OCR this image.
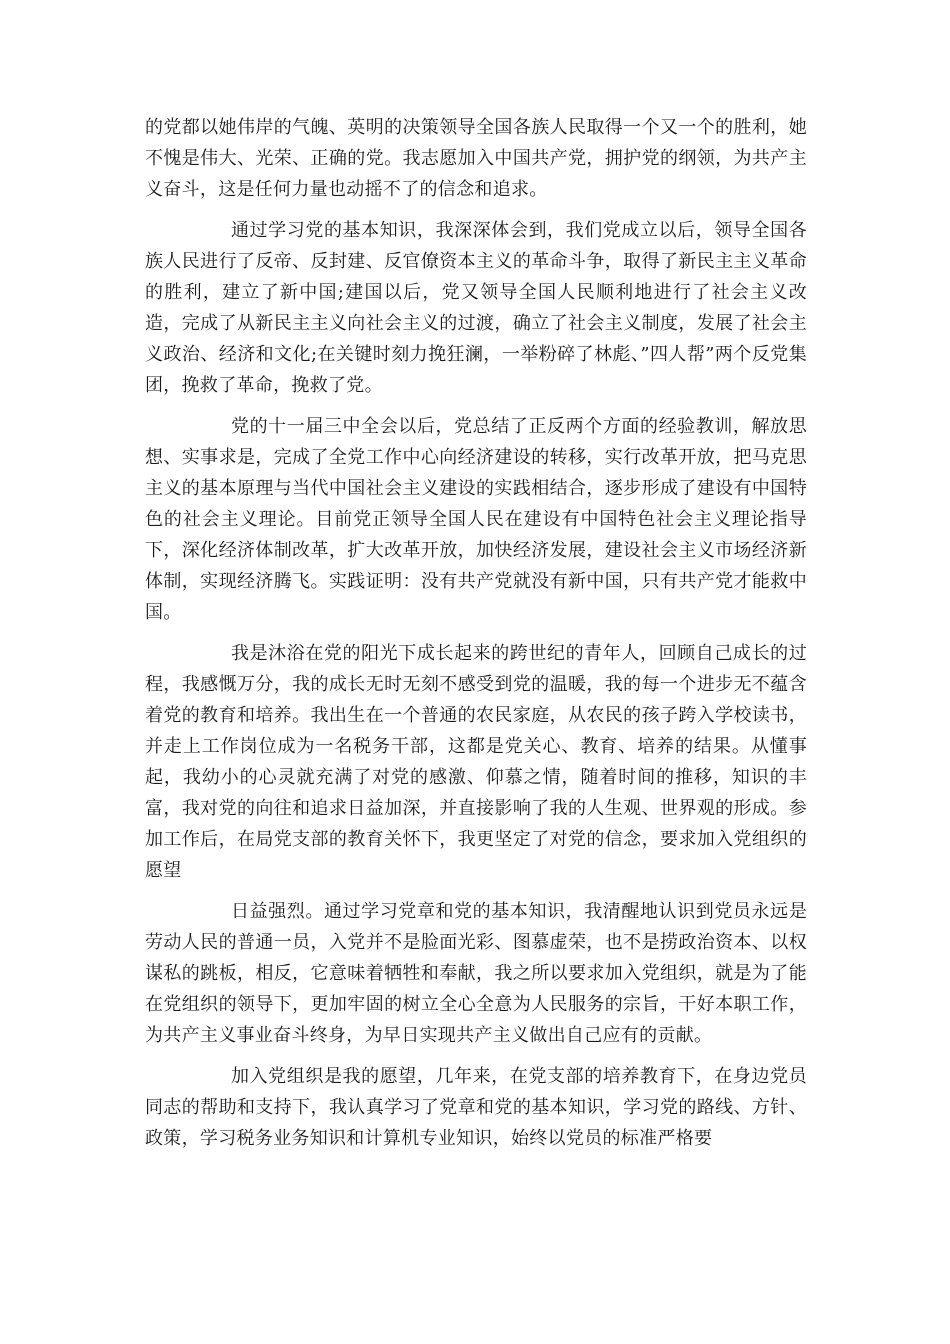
的党都以她伟岸的气魄、英明的决策领导全国各族人民取得一个又一个的胜利，她不愧是伟大、光荣、正确的党。我志愿加入中国共产党，拥护党的纲领，为共产主义奋斗，这是任何力量也动摇不了的信念和追求。

通过学习党的基本知识，我深深体会到，我们党成立以后，领导全国各族人民进行了反帝、反封建、反官僚资本主义的革命斗争，取得了新民主主义革命的胜利，建立了新中国;建国以后，党又领导全国人民顺利地进行了社会主义改造，完成了从新民主主义向社会主义的过渡，确立了社会主义制度，发展了社会主义政治、经济和文化;在关键时刻力挽狂澜，一举粉碎了林彪、”四人帮”两个反党集团，挽救了革命，挽救了党。

党的十一届三中全会以后，党总结了正反两个方面的经验教训，解放思想、实事求是，完成了全党工作中心向经济建设的转移，实行改革开放，把马克思主义的基本原理与当代中国社会主义建设的实践相结合，逐步形成了建设有中国特色的社会主义理论。目前党正领导全国人民在建设有中国特色社会主义理论指导下，深化经济体制改革，扩大改革开放，加快经济发展，建设社会主义市场经济新体制，实现经济腾飞。实践证明：没有共产党就没有新中国，只有共产党才能救中国。

我是沐浴在党的阳光下成长起来的跨世纪的青年人，回顾自己成长的过程，我感慨万分，我的成长无时无刻不感受到党的温暖，我的每一个进步无不蕴含着党的教育和培养。我出生在一个普通的农民家庭，从农民的孩子跨入学校读书，并走上工作岗位成为一名税务干部，这都是党关心、教育、培养的结果。从懂事起，我幼小的心灵就充满了对党的感激、仰慕之情，随着时间的推移，知识的丰富，我对党的向往和追求日益加深，并直接影响了我的人生观、世界观的形成。参加工作后，在局党支部的教育关怀下，我更坚定了对党的信念，要求加入党组织的愿望

日益强烈。通过学习党章和党的基本知识，我清醒地认识到党员永远是劳动人民的普通一员，入党并不是脸面光彩、图慕虚荣，也不是捞政治资本、以权谋私的跳板，相反，它意味着牺牲和奉献，我之所以要求加入党组织，就是为了能在党组织的领导下，更加牢固的树立全心全意为人民服务的宗旨，干好本职工作，为共产主义事业奋斗终身，为早日实现共产主义做出自己应有的贡献。

加入党组织是我的愿望，几年来，在党支部的培养教育下，在身边党员同志的帮助和支持下，我认真学习了党章和党的基本知识，学习党的路线、方针、政策，学习税务业务知识和计算机专业知识，始终以党员的标准严格要
